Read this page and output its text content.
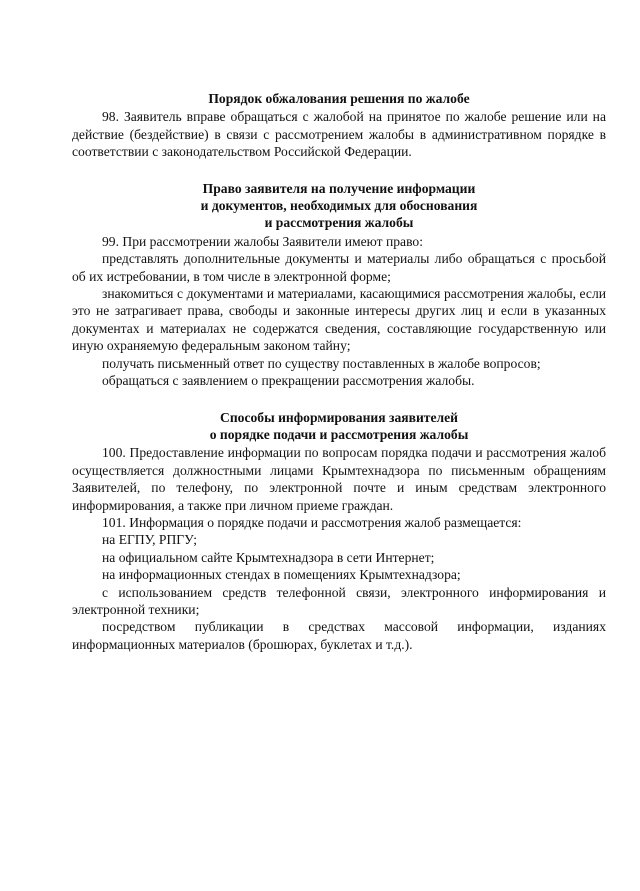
Порядок обжалования решения по жалобе

98. Заявитель вправе обращаться с жалобой на принятое по жалобе решение или на действие (бездействие) в связи с рассмотрением жалобы в административном порядке в соответствии с законодательством Российской Федерации.

Право заявителя на получение информации
и документов, необходимых для обоснования
и рассмотрения жалобы

99. При рассмотрении жалобы Заявители имеют право:

представлять дополнительные документы и материалы либо обращаться с просьбой об их истребовании, в том числе в электронной форме;

знакомиться с документами и материалами, касающимися рассмотрения жалобы, если это не затрагивает права, свободы и законные интересы других лиц и если в указанных документах и материалах не содержатся сведения, составляющие государственную или иную охраняемую федеральным законом тайну;

получать письменный ответ по существу поставленных в жалобе вопросов;

обращаться с заявлением о прекращении рассмотрения жалобы.

Способы информирования заявителей
о порядке подачи и рассмотрения жалобы

100. Предоставление информации по вопросам порядка подачи и рассмотрения жалоб осуществляется должностными лицами Крымтехнадзора по письменным обращениям Заявителей, по телефону, по электронной почте и иным средствам электронного информирования, а также при личном приеме граждан.

101. Информация о порядке подачи и рассмотрения жалоб размещается:

на ЕГПУ, РПГУ;

на официальном сайте Крымтехнадзора в сети Интернет;

на информационных стендах в помещениях Крымтехнадзора;

с использованием средств телефонной связи, электронного информирования и электронной техники;

посредством публикации в средствах массовой информации, изданиях информационных материалов (брошюрах, буклетах и т.д.).
